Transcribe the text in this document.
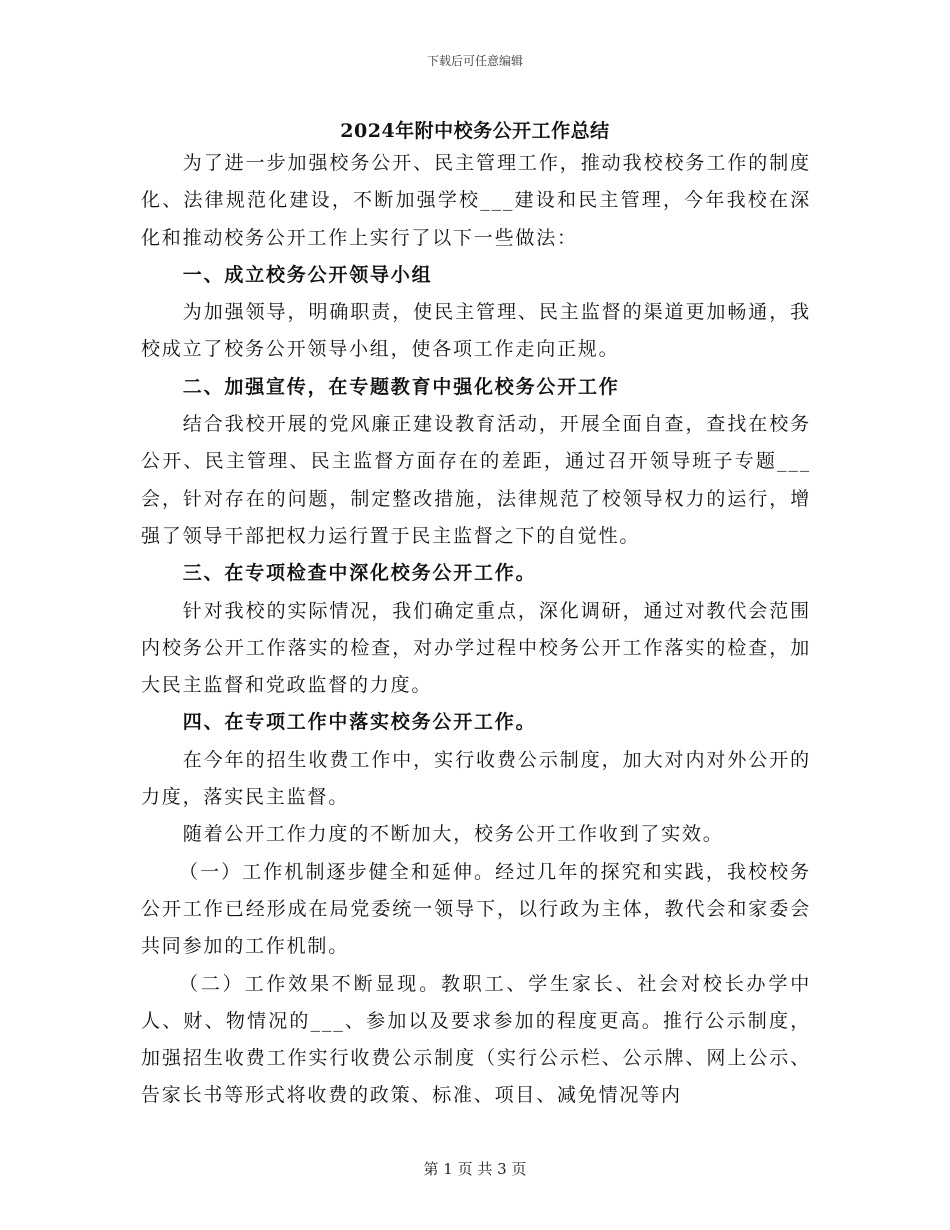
下载后可任意编辑
2024年附中校务公开工作总结

为了进一步加强校务公开、民主管理工作，推动我校校务工作的制度化、法律规范化建设，不断加强学校___建设和民主管理，今年我校在深化和推动校务公开工作上实行了以下一些做法：

一、成立校务公开领导小组

为加强领导，明确职责，使民主管理、民主监督的渠道更加畅通，我校成立了校务公开领导小组，使各项工作走向正规。

二、加强宣传，在专题教育中强化校务公开工作

结合我校开展的党风廉正建设教育活动，开展全面自查，查找在校务公开、民主管理、民主监督方面存在的差距，通过召开领导班子专题___会，针对存在的问题，制定整改措施，法律规范了校领导权力的运行，增强了领导干部把权力运行置于民主监督之下的自觉性。

三、在专项检查中深化校务公开工作。

针对我校的实际情况，我们确定重点，深化调研，通过对教代会范围内校务公开工作落实的检查，对办学过程中校务公开工作落实的检查，加大民主监督和党政监督的力度。

四、在专项工作中落实校务公开工作。

在今年的招生收费工作中，实行收费公示制度，加大对内对外公开的力度，落实民主监督。

随着公开工作力度的不断加大，校务公开工作收到了实效。

（一）工作机制逐步健全和延伸。经过几年的探究和实践，我校校务公开工作已经形成在局党委统一领导下，以行政为主体，教代会和家委会共同参加的工作机制。

（二）工作效果不断显现。教职工、学生家长、社会对校长办学中人、财、物情况的___、参加以及要求参加的程度更高。推行公示制度，加强招生收费工作实行收费公示制度（实行公示栏、公示牌、网上公示、告家长书等形式将收费的政策、标准、项目、减免情况等内

第 1 页 共 3 页
